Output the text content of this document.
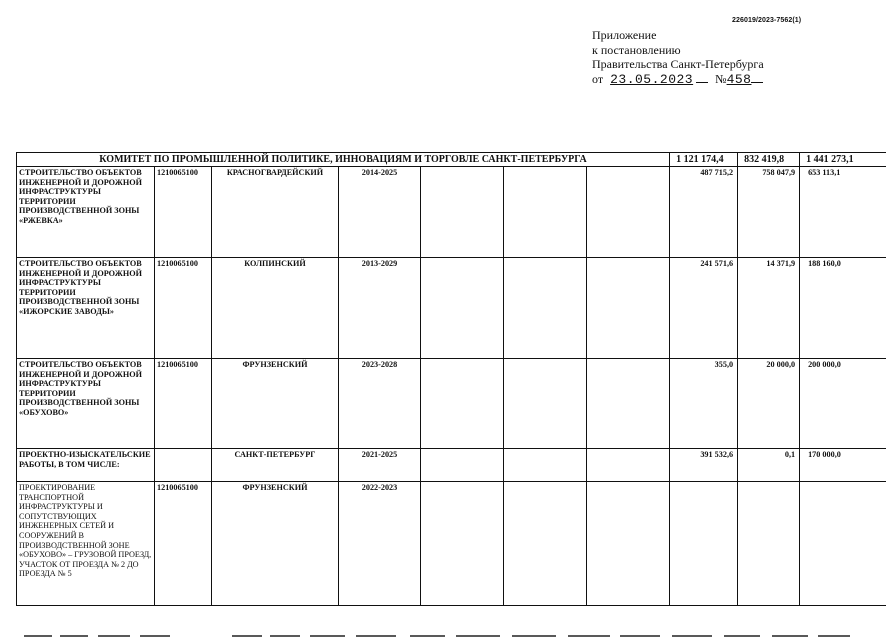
226019/2023-7562(1)
Приложение
к постановлению
Правительства Санкт-Петербурга
от 23.05.2023 №458
КОМИТЕТ ПО ПРОМЫШЛЕННОЙ ПОЛИТИКЕ, ИННОВАЦИЯМ И ТОРГОВЛЕ САНКТ-ПЕТЕРБУРГА							1 121 174,4	832 419,8	1 441 273,1
СТРОИТЕЛЬСТВО ОБЪЕКТОВ ИНЖЕНЕРНОЙ И ДОРОЖНОЙ ИНФРАСТРУКТУРЫ ТЕРРИТОРИИ ПРОИЗВОДСТВЕННОЙ ЗОНЫ «РЖЕВКА»	1210065100	КРАСНОГВАРДЕЙСКИЙ	2014-2025				487 715,2	758 047,9	653 113,1
СТРОИТЕЛЬСТВО ОБЪЕКТОВ ИНЖЕНЕРНОЙ И ДОРОЖНОЙ ИНФРАСТРУКТУРЫ ТЕРРИТОРИИ ПРОИЗВОДСТВЕННОЙ ЗОНЫ «ИЖОРСКИЕ ЗАВОДЫ»	1210065100	КОЛПИНСКИЙ	2013-2029				241 571,6	14 371,9	188 160,0
СТРОИТЕЛЬСТВО ОБЪЕКТОВ ИНЖЕНЕРНОЙ И ДОРОЖНОЙ ИНФРАСТРУКТУРЫ ТЕРРИТОРИИ ПРОИЗВОДСТВЕННОЙ ЗОНЫ «ОБУХОВО»	1210065100	ФРУНЗЕНСКИЙ	2023-2028				355,0	20 000,0	200 000,0
ПРОЕКТНО-ИЗЫСКАТЕЛЬСКИЕ РАБОТЫ, В ТОМ ЧИСЛЕ:		САНКТ-ПЕТЕРБУРГ	2021-2025				391 532,6	0,1	170 000,0
ПРОЕКТИРОВАНИЕ ТРАНСПОРТНОЙ ИНФРАСТРУКТУРЫ И СОПУТСТВУЮЩИХ ИНЖЕНЕРНЫХ СЕТЕЙ И СООРУЖЕНИЙ В ПРОИЗВОДСТВЕННОЙ ЗОНЕ «ОБУХОВО» – ГРУЗОВОЙ ПРОЕЗД, УЧАСТОК ОТ ПРОЕЗДА № 2 ДО ПРОЕЗДА № 5	1210065100	ФРУНЗЕНСКИЙ	2022-2023						
